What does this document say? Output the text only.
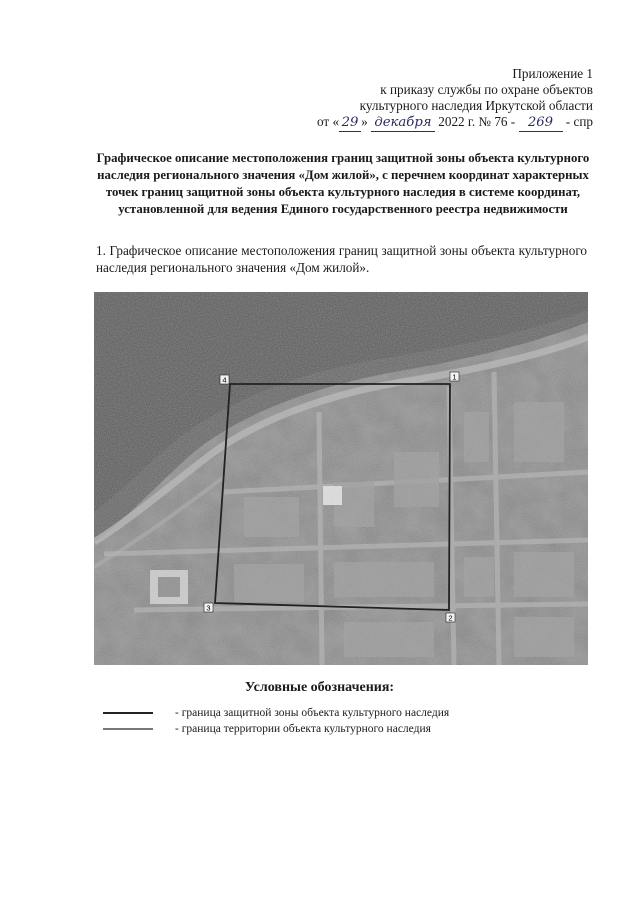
Приложение 1
к приказу службы по охране объектов
культурного наследия Иркутской области
от « 29 » декабря 2022 г. № 76 - 269 - спр
Графическое описание местоположения границ защитной зоны объекта культурного наследия регионального значения «Дом жилой», с перечнем координат характерных точек границ защитной зоны объекта культурного наследия в системе координат, установленной для ведения Единого государственного реестра недвижимости
1. Графическое описание местоположения границ защитной зоны объекта культурного наследия регионального значения «Дом жилой».
1
2
3
4
Условные обозначения:
- граница защитной зоны объекта культурного наследия
- граница территории объекта культурного наследия
